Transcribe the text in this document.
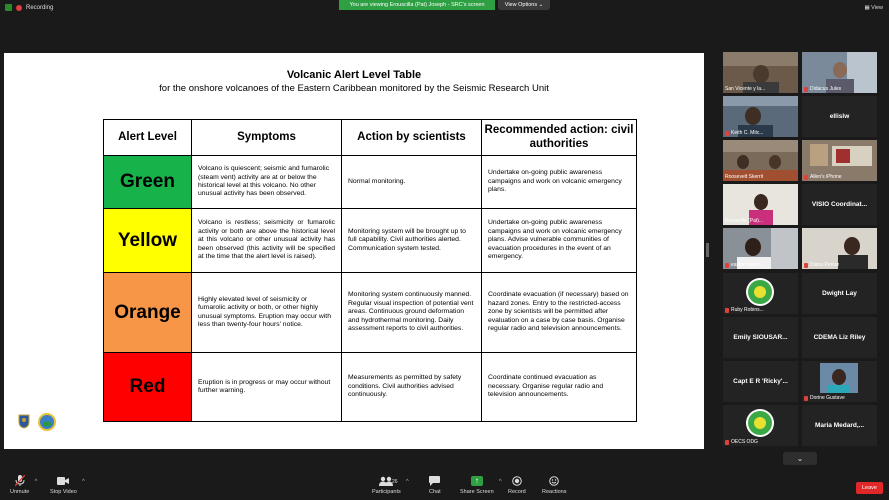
Recording	You are viewing Erouscilla (Pat) Joseph - SRC's screen	View Options ⌄	▦ View
Volcanic Alert Level Table
for the onshore volcanoes of the Eastern Caribbean monitored by the Seismic Research Unit
Alert Level	Symptoms	Action by scientists	Recommended action: civil authorities
Green	Volcano is quiescent; seismic and fumarolic (steam vent) activity are at or below the historical level at this volcano. No other unusual activity has been observed.	Normal monitoring.	Undertake on-going public awareness campaigns and work on volcanic emergency plans.
Yellow	Volcano is restless; seismicity or fumarolic activity or both are above the historical level at this volcano or other unusual activity has been observed (this activity will be specified at the time that the alert level is raised).	Monitoring system will be brought up to full capability. Civil authorities alerted. Communication system tested.	Undertake on-going public awareness campaigns and work on volcanic emergency plans. Advise vulnerable communities of evacuation procedures in the event of an emergency.
Orange	Highly elevated level of seismicity or fumarolic activity or both, or other highly unusual symptoms. Eruption may occur with less than twenty-four hours' notice.	Monitoring system continuously manned. Regular visual inspection of potential vent areas. Continuous ground deformation and hydrothermal monitoring. Daily assessment reports to civil authorities.	Coordinate evacuation (if necessary) based on hazard zones. Entry to the restricted-access zone by scientists will be permitted after evaluation on a case by case basis. Organise regular radio and television announcements.
Red	Eruption is in progress or may occur without further warning.	Measurements as permitted by safety conditions. Civil authorities advised continuously.	Coordinate continued evacuation as necessary. Organise regular radio and television announcements.
San Vicente y la...	Didacus Jules
Keith C. Mitc...
ellislw
Roosevelt Skerrit	Allen's iPhone
Erouscilla (Pat)...
VISIO Coordinat...
easton taylor-...	Diana Perran
Ruby Robins...
Dwight Lay
Emily SIOUSAR...	CDEMA Liz Riley
Capt E R 'Ricky'...
Dorine Gustave
OECS ODG
Maria Medard,...
⌄
Unmute
^
Stop Video
^	26
Participants
^
Chat
↑
Share Screen
^
Record	Reactions
Leave
